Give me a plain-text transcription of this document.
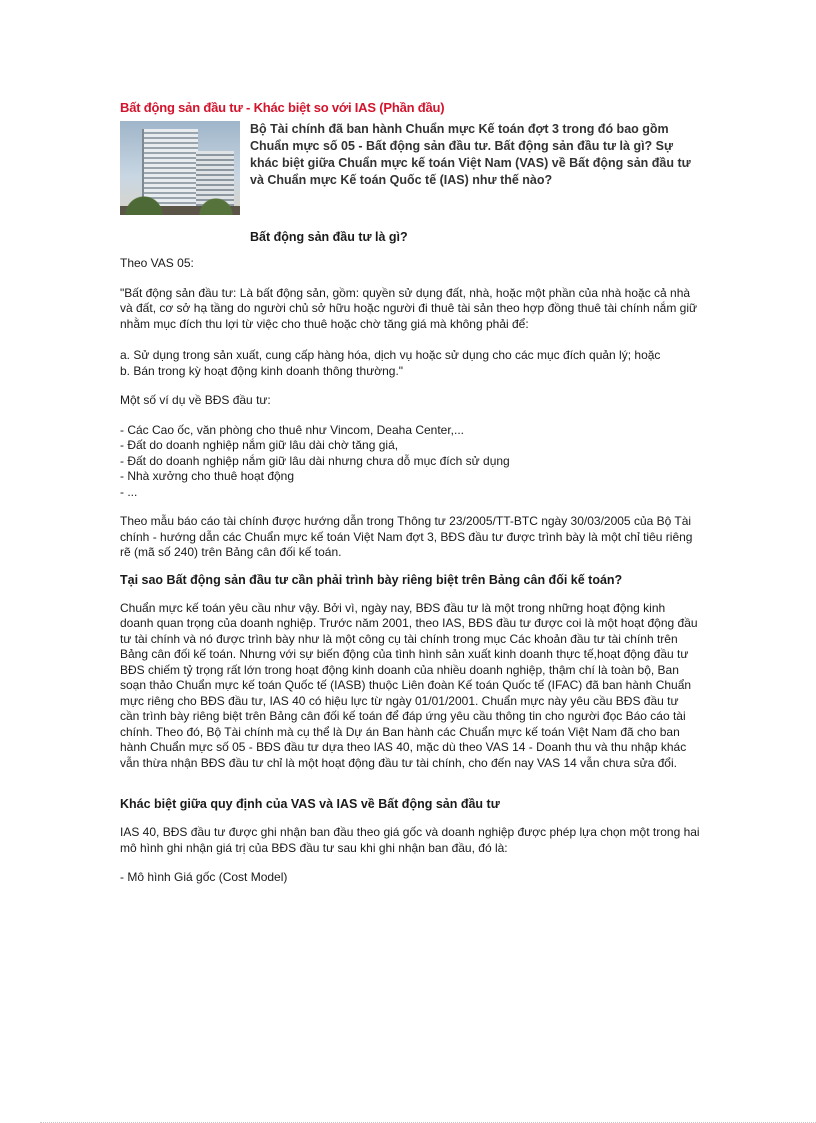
Bất động sản đầu tư - Khác biệt so với IAS (Phần đầu)

Bộ Tài chính đã ban hành Chuẩn mực Kế toán đợt 3 trong đó bao gồm Chuẩn mực số 05 - Bất động sản đầu tư. Bất động sản đầu tư là gì? Sự khác biệt giữa Chuẩn mực kế toán Việt Nam (VAS) về Bất động sản đầu tư và Chuẩn mực Kế toán Quốc tế (IAS) như thế nào?

Bất động sản đầu tư là gì?

Theo VAS 05:

"Bất động sản đầu tư: Là bất động sản, gồm: quyền sử dụng đất, nhà, hoặc một phần của nhà hoặc cả nhà và đất, cơ sở hạ tầng do người chủ sở hữu hoặc người đi thuê tài sản theo hợp đồng thuê tài chính nắm giữ nhằm mục đích thu lợi từ việc cho thuê hoặc chờ tăng giá mà không phải để:

a. Sử dụng trong sản xuất, cung cấp hàng hóa, dịch vụ hoặc sử dụng cho các mục đích quản lý; hoặc

b. Bán trong kỳ hoạt động kinh doanh thông thường."

Một số ví dụ về BĐS đầu tư:

- Các Cao ốc, văn phòng cho thuê như Vincom, Deaha Center,...
- Đất do doanh nghiệp nắm giữ lâu dài chờ tăng giá,
- Đất do doanh nghiệp nắm giữ lâu dài nhưng chưa dỗ mục đích sử dụng
- Nhà xưởng cho thuê hoạt động
- ...

Theo mẫu báo cáo tài chính được hướng dẫn trong Thông tư 23/2005/TT-BTC ngày 30/03/2005 của Bộ Tài chính - hướng dẫn các Chuẩn mực kế toán Việt Nam đợt 3, BĐS đầu tư được trình bày là một chỉ tiêu riêng rẽ (mã số 240) trên Bảng cân đối kế toán.

Tại sao Bất động sản đầu tư cần phải trình bày riêng biệt trên Bảng cân đối kế toán?

Chuẩn mực kế toán yêu cầu như vậy. Bởi vì, ngày nay, BĐS đầu tư là một trong những hoạt động kinh doanh quan trọng của doanh nghiệp. Trước năm 2001, theo IAS, BĐS đầu tư được coi là một hoạt động đầu tư tài chính và nó được trình bày như là một công cụ tài chính trong mục Các khoản đầu tư tài chính trên Bảng cân đối kế toán. Nhưng với sự biến động của tình hình sản xuất kinh doanh thực tế,hoạt động đầu tư BĐS chiếm tỷ trọng rất lớn trong hoạt động kinh doanh của nhiều doanh nghiệp, thậm chí là toàn bộ, Ban soạn thảo Chuẩn mực kế toán Quốc tế (IASB) thuộc Liên đoàn Kế toán Quốc tế (IFAC) đã ban hành Chuẩn mực riêng cho BĐS đầu tư, IAS 40 có hiệu lực từ ngày 01/01/2001. Chuẩn mực này yêu cầu BĐS đầu tư cần trình bày riêng biệt trên Bảng cân đối kế toán để đáp ứng yêu cầu thông tin cho người đọc Báo cáo tài chính. Theo đó, Bộ Tài chính mà cụ thể là Dự án Ban hành các Chuẩn mực kế toán Việt Nam đã cho ban hành Chuẩn mực số 05 - BĐS đầu tư dựa theo IAS 40, mặc dù theo VAS 14 - Doanh thu và thu nhập khác vẫn thừa nhận BĐS đầu tư chỉ là một hoạt động đầu tư tài chính, cho đến nay VAS 14 vẫn chưa sửa đổi.

Khác biệt giữa quy định của VAS và IAS về Bất động sản đầu tư

IAS 40, BĐS đầu tư được ghi nhận ban đầu theo giá gốc và doanh nghiệp được phép lựa chọn một trong hai mô hình ghi nhận giá trị của BĐS đầu tư sau khi ghi nhận ban đầu, đó là:

- Mô hình Giá gốc (Cost Model)
